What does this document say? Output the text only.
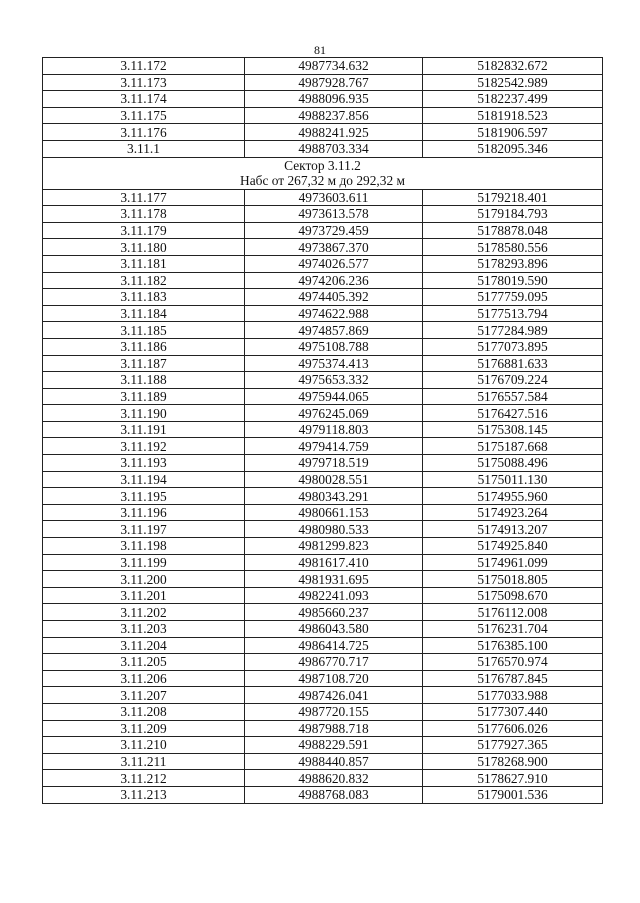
81
3.11.172	4987734.632	5182832.672
3.11.173	4987928.767	5182542.989
3.11.174	4988096.935	5182237.499
3.11.175	4988237.856	5181918.523
3.11.176	4988241.925	5181906.597
3.11.1	4988703.334	5182095.346

Сектор 3.11.2
Набс от 267,32 м до 292,32 м		

3.11.177	4973603.611	5179218.401
3.11.178	4973613.578	5179184.793
3.11.179	4973729.459	5178878.048
3.11.180	4973867.370	5178580.556
3.11.181	4974026.577	5178293.896
3.11.182	4974206.236	5178019.590
3.11.183	4974405.392	5177759.095
3.11.184	4974622.988	5177513.794
3.11.185	4974857.869	5177284.989
3.11.186	4975108.788	5177073.895
3.11.187	4975374.413	5176881.633
3.11.188	4975653.332	5176709.224
3.11.189	4975944.065	5176557.584
3.11.190	4976245.069	5176427.516
3.11.191	4979118.803	5175308.145
3.11.192	4979414.759	5175187.668
3.11.193	4979718.519	5175088.496
3.11.194	4980028.551	5175011.130
3.11.195	4980343.291	5174955.960
3.11.196	4980661.153	5174923.264
3.11.197	4980980.533	5174913.207
3.11.198	4981299.823	5174925.840
3.11.199	4981617.410	5174961.099
3.11.200	4981931.695	5175018.805
3.11.201	4982241.093	5175098.670
3.11.202	4985660.237	5176112.008
3.11.203	4986043.580	5176231.704
3.11.204	4986414.725	5176385.100
3.11.205	4986770.717	5176570.974
3.11.206	4987108.720	5176787.845
3.11.207	4987426.041	5177033.988
3.11.208	4987720.155	5177307.440
3.11.209	4987988.718	5177606.026
3.11.210	4988229.591	5177927.365
3.11.211	4988440.857	5178268.900
3.11.212	4988620.832	5178627.910
3.11.213	4988768.083	5179001.536
